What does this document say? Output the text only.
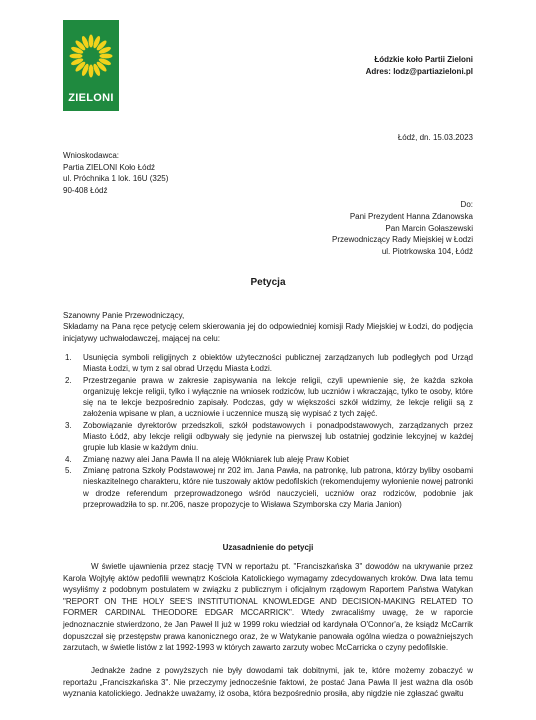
ZIELONI
Łódzkie koło Partii Zieloni
Adres: lodz@partiazieloni.pl
Łódź, dn. 15.03.2023
Wnioskodawca:
Partia ZIELONI Koło Łódź
ul. Próchnika 1 lok. 16U (325)
90-408 Łódź
Do:
Pani Prezydent Hanna Zdanowska
Pan Marcin Gołaszewski
Przewodniczący Rady Miejskiej w Łodzi
ul. Piotrkowska 104, Łódź
Petycja
Szanowny Panie Przewodniczący,
Składamy na Pana ręce petycję celem skierowania jej do odpowiedniej komisji Rady Miejskiej w Łodzi, do podjęcia inicjatywy uchwałodawczej, mającej na celu:
1. Usunięcia symboli religijnych z obiektów użyteczności publicznej zarządzanych lub podległych pod Urząd Miasta Łodzi, w tym z sal obrad Urzędu Miasta Łodzi.
2. Przestrzeganie prawa w zakresie zapisywania na lekcje religii, czyli upewnienie się, że każda szkoła organizuję lekcje religii, tylko i wyłącznie na wniosek rodziców, lub uczniów i wkraczając, tylko te osoby, które się na te lekcje bezpośrednio zapisały. Podczas, gdy w większości szkół widzimy, że lekcje religii są z założenia wpisane w plan, a uczniowie i uczennice muszą się wypisać z tych zajęć.
3. Zobowiązanie dyrektorów przedszkoli, szkół podstawowych i ponadpodstawowych, zarządzanych przez Miasto Łódź, aby lekcje religii odbywały się jedynie na pierwszej lub ostatniej godzinie lekcyjnej w każdej grupie lub klasie w każdym dniu.
4. Zmianę nazwy alei Jana Pawła II na aleję Włókniarek lub aleję Praw Kobiet
5. Zmianę patrona Szkoły Podstawowej nr 202 im. Jana Pawła, na patronkę, lub patrona, którzy byliby osobami nieskazitelnego charakteru, które nie tuszowały aktów pedofilskich (rekomendujemy wyłonienie nowej patronki w drodze referendum przeprowadzonego wśród nauczycieli, uczniów oraz rodziców, podobnie jak przeprowadziła to sp. nr.206, nasze propozycje to Wisława Szymborska czy Maria Janion)
Uzasadnienie do petycji
W świetle ujawnienia przez stację TVN w reportażu pt. "Franciszkańska 3" dowodów na ukrywanie przez Karola Wojtyłę aktów pedofilii wewnątrz Kościoła Katolickiego wymagamy zdecydowanych kroków. Dwa lata temu wysyłiśmy z podobnym postulatem w związku z publicznym i oficjalnym rządowym Raportem Państwa Watykan "REPORT ON THE HOLY SEE'S INSTITUTIONAL KNOWLEDGE AND DECISION-MAKING RELATED TO FORMER CARDINAL THEODORE EDGAR MCCARRICK". Wtedy zwracaliśmy uwagę, że w raporcie jednoznacznie stwierdzono, że Jan Paweł II już w 1999 roku wiedział od kardynała O'Connor'a, że ksiądz McCarrik dopuszczał się przestępstw prawa kanonicznego oraz, że w Watykanie panowała ogólna wiedza o poważniejszych zarzutach, w świetle listów z lat 1992-1993 w których zawarto zarzuty wobec McCarricka o czyny pedofilskie.
Jednakże żadne z powyższych nie były dowodami tak dobitnymi, jak te, które możemy zobaczyć w reportażu „Franciszkańska 3". Nie przeczymy jednocześnie faktowi, że postać Jana Pawła II jest ważna dla osób wyznania katolickiego. Jednakże uważamy, iż osoba, która bezpośrednio prosiła, aby nigdzie nie zgłaszać gwałtu
